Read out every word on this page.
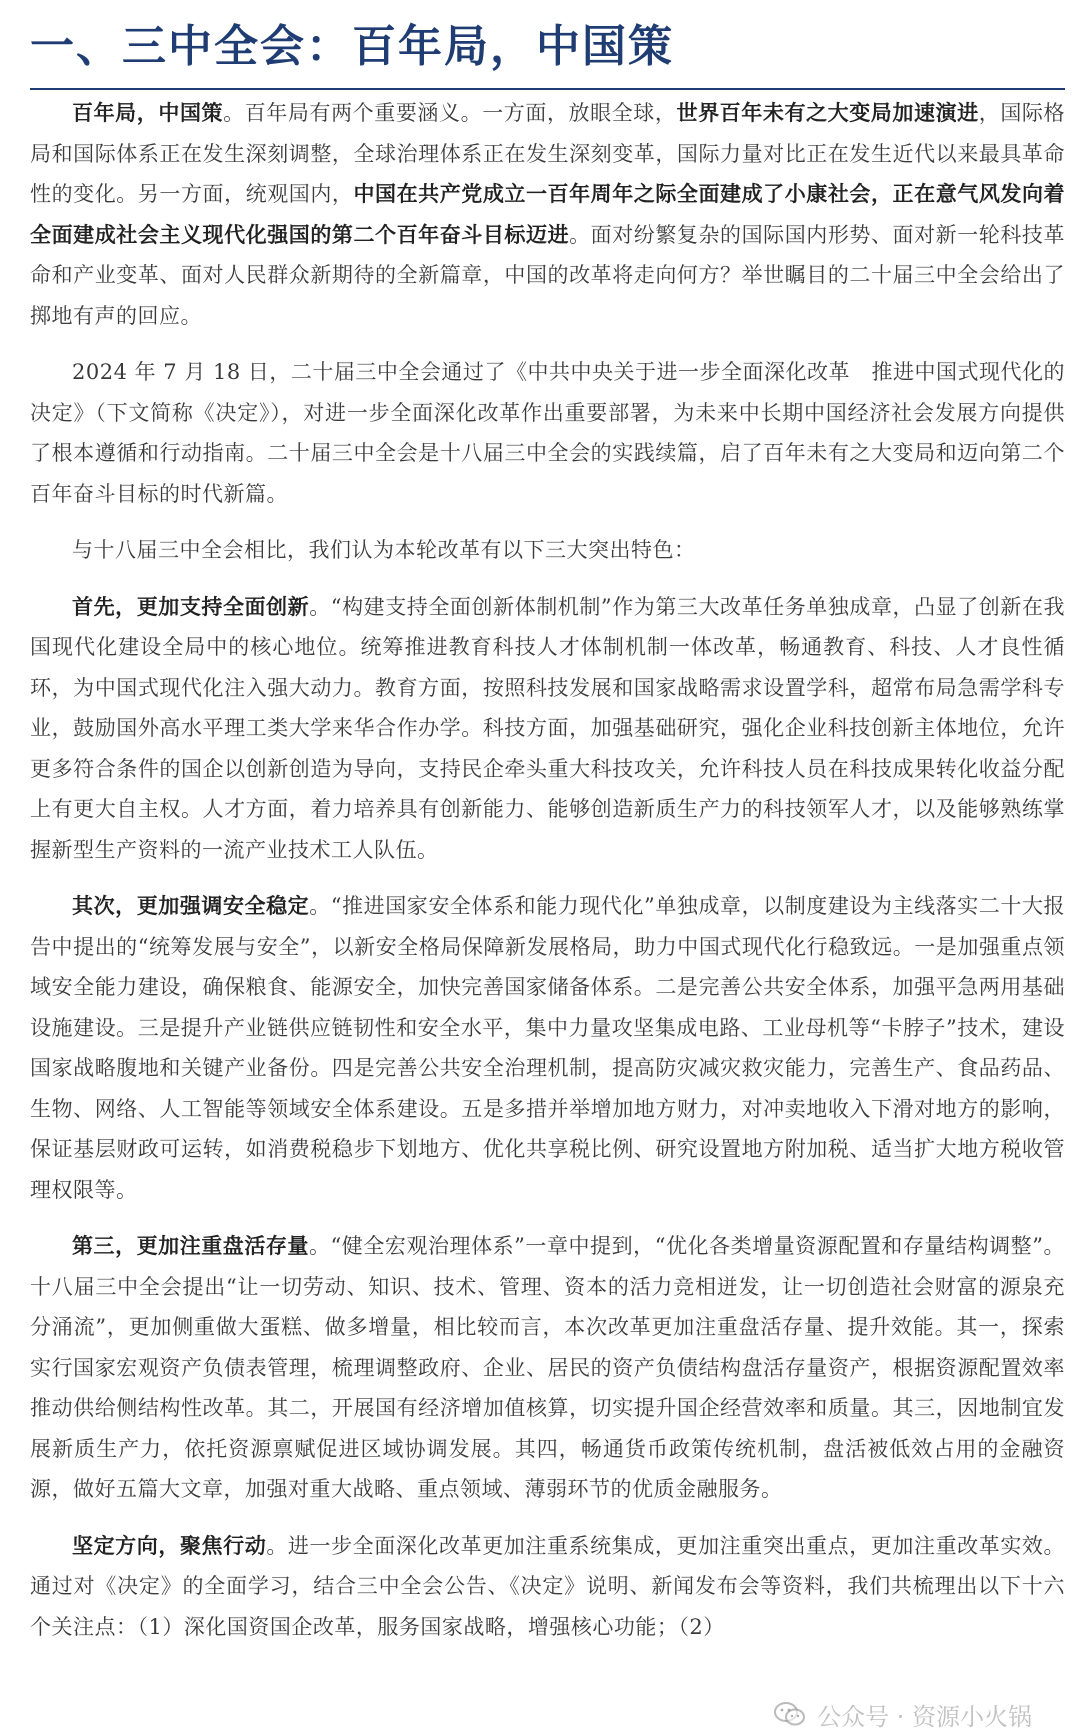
一、三中全会：百年局，中国策

百年局，中国策。百年局有两个重要涵义。一方面，放眼全球，世界百年未有之大变局加速演进，国际格局和国际体系正在发生深刻调整，全球治理体系正在发生深刻变革，国际力量对比正在发生近代以来最具革命性的变化。另一方面，统观国内，中国在共产党成立一百年周年之际全面建成了小康社会，正在意气风发向着全面建成社会主义现代化强国的第二个百年奋斗目标迈进。面对纷繁复杂的国际国内形势、面对新一轮科技革命和产业变革、面对人民群众新期待的全新篇章，中国的改革将走向何方？举世瞩目的二十届三中全会给出了掷地有声的回应。

2024 年 7 月 18 日，二十届三中全会通过了《中共中央关于进一步全面深化改革　推进中国式现代化的决定》（下文简称《决定》），对进一步全面深化改革作出重要部署，为未来中长期中国经济社会发展方向提供了根本遵循和行动指南。二十届三中全会是十八届三中全会的实践续篇，启了百年未有之大变局和迈向第二个百年奋斗目标的时代新篇。

与十八届三中全会相比，我们认为本轮改革有以下三大突出特色：

首先，更加支持全面创新。“构建支持全面创新体制机制”作为第三大改革任务单独成章，凸显了创新在我国现代化建设全局中的核心地位。统筹推进教育科技人才体制机制一体改革，畅通教育、科技、人才良性循环，为中国式现代化注入强大动力。教育方面，按照科技发展和国家战略需求设置学科，超常布局急需学科专业，鼓励国外高水平理工类大学来华合作办学。科技方面，加强基础研究，强化企业科技创新主体地位，允许更多符合条件的国企以创新创造为导向，支持民企牵头重大科技攻关，允许科技人员在科技成果转化收益分配上有更大自主权。人才方面，着力培养具有创新能力、能够创造新质生产力的科技领军人才，以及能够熟练掌握新型生产资料的一流产业技术工人队伍。

其次，更加强调安全稳定。“推进国家安全体系和能力现代化”单独成章，以制度建设为主线落实二十大报告中提出的“统筹发展与安全”，以新安全格局保障新发展格局，助力中国式现代化行稳致远。一是加强重点领域安全能力建设，确保粮食、能源安全，加快完善国家储备体系。二是完善公共安全体系，加强平急两用基础设施建设。三是提升产业链供应链韧性和安全水平，集中力量攻坚集成电路、工业母机等“卡脖子”技术，建设国家战略腹地和关键产业备份。四是完善公共安全治理机制，提高防灾减灾救灾能力，完善生产、食品药品、生物、网络、人工智能等领域安全体系建设。五是多措并举增加地方财力，对冲卖地收入下滑对地方的影响，保证基层财政可运转，如消费税稳步下划地方、优化共享税比例、研究设置地方附加税、适当扩大地方税收管理权限等。

第三，更加注重盘活存量。“健全宏观治理体系”一章中提到，“优化各类增量资源配置和存量结构调整”。十八届三中全会提出“让一切劳动、知识、技术、管理、资本的活力竞相迸发，让一切创造社会财富的源泉充分涌流”，更加侧重做大蛋糕、做多增量，相比较而言，本次改革更加注重盘活存量、提升效能。其一，探索实行国家宏观资产负债表管理，梳理调整政府、企业、居民的资产负债结构盘活存量资产，根据资源配置效率推动供给侧结构性改革。其二，开展国有经济增加值核算，切实提升国企经营效率和质量。其三，因地制宜发展新质生产力，依托资源禀赋促进区域协调发展。其四，畅通货币政策传统机制，盘活被低效占用的金融资源，做好五篇大文章，加强对重大战略、重点领域、薄弱环节的优质金融服务。

坚定方向，聚焦行动。进一步全面深化改革更加注重系统集成，更加注重突出重点，更加注重改革实效。通过对《决定》的全面学习，结合三中全会公告、《决定》说明、新闻发布会等资料，我们共梳理出以下十六个关注点：（1）深化国资国企改革，服务国家战略，增强核心功能；（2）

公众号 · 资源小火锅
